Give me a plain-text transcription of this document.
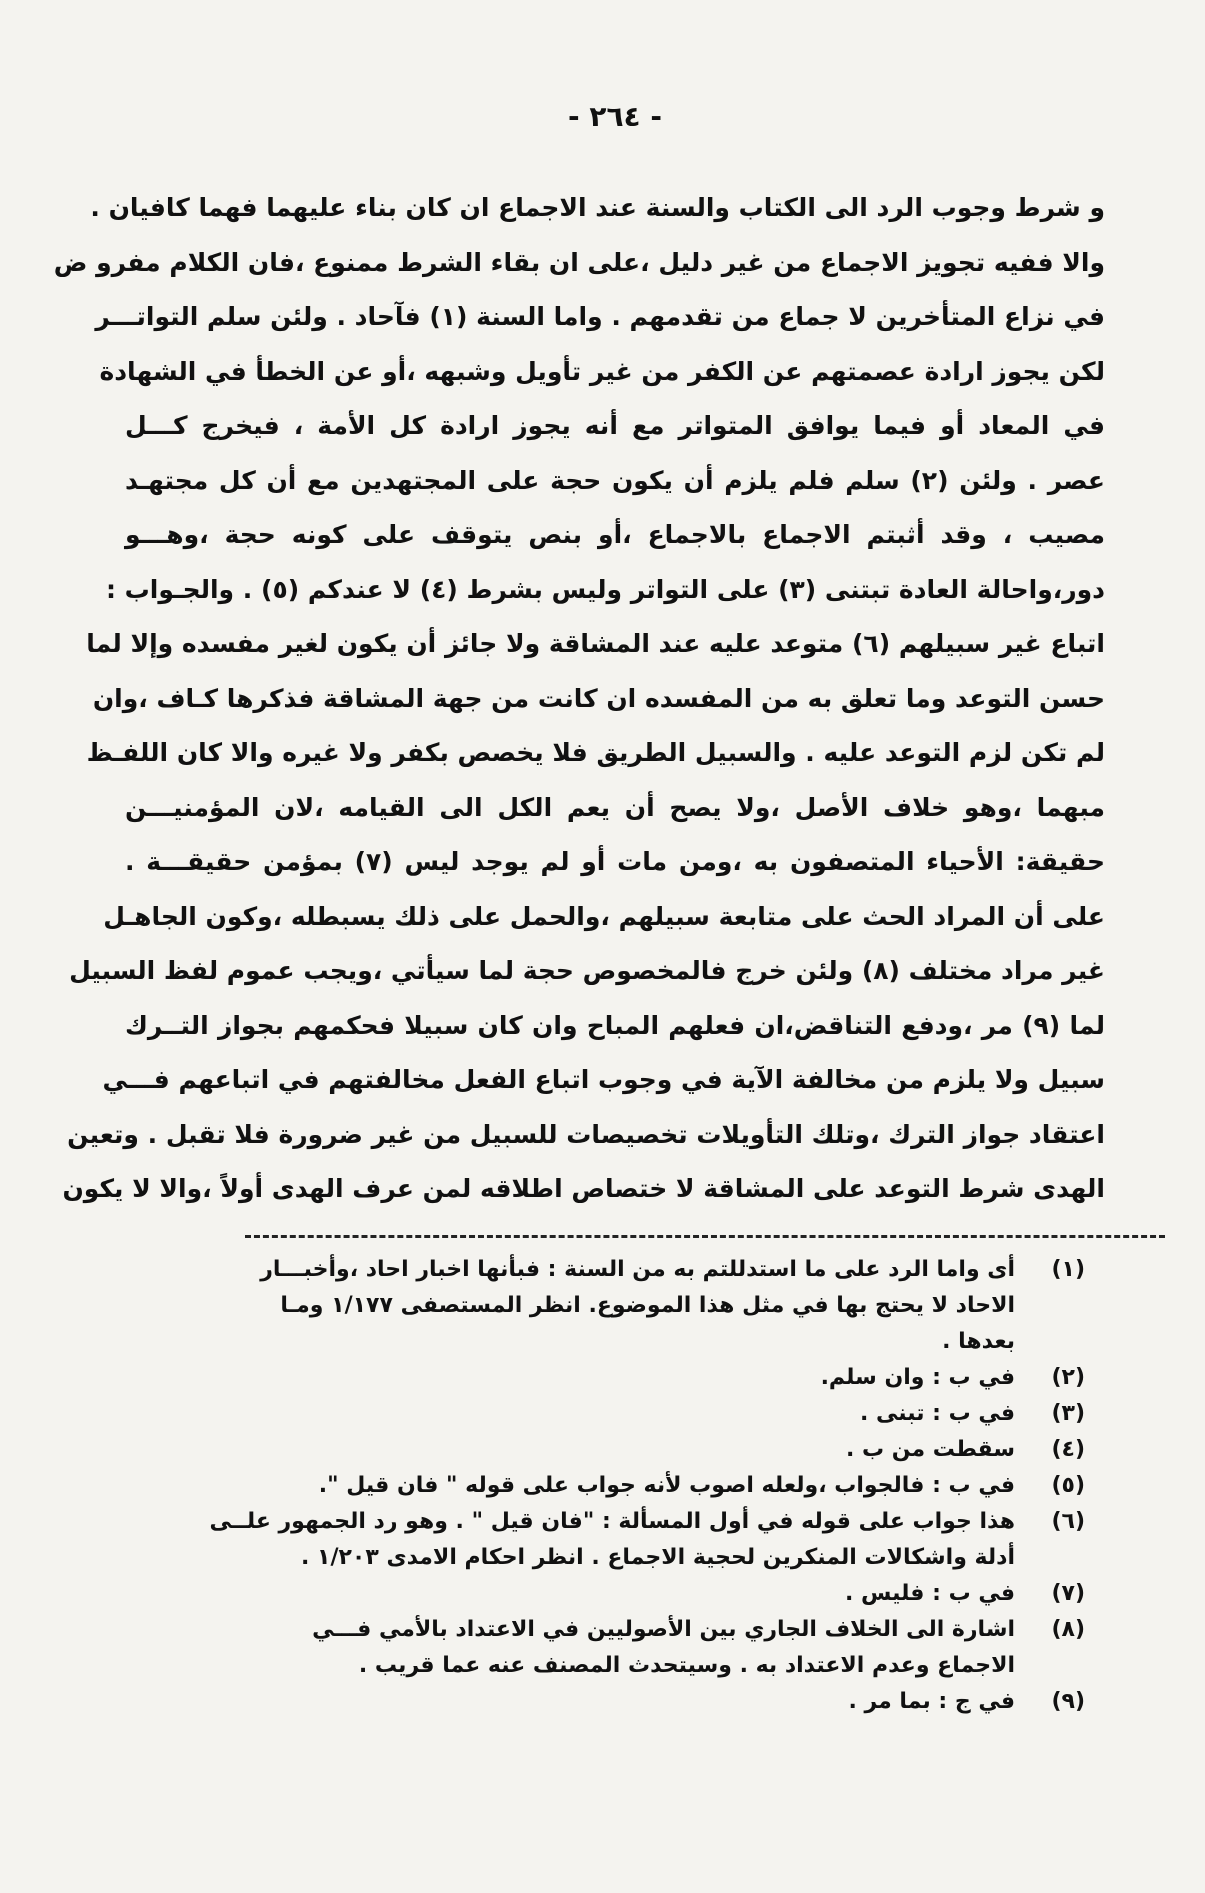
- ٢٦٤ -
و شرط وجوب الرد الى الكتاب والسنة عند الاجماع ان كان بناء عليهما فهما كافيان .
والا ففيه تجويز الاجماع من غير دليل ،على ان بقاء الشرط ممنوع ،فان الكلام مفرو ض
في نزاع المتأخرين لا جماع من تقدمهم . واما السنة (١) فآحاد . ولئن سلم التواتـــر
لكن يجوز ارادة عصمتهم عن الكفر من غير تأويل وشبهه ،أو عن الخطأ في الشهادة
في المعاد أو فيما يوافق المتواتر مع أنه يجوز ارادة كل الأمة ، فيخرج كـــل
عصر . ولئن (٢) سلم فلم يلزم أن يكون حجة على المجتهدين مع أن كل مجتهـد
مصيب ، وقد أثبتم الاجماع بالاجماع ،أو بنص يتوقف على كونه حجة ،وهـــو
دور،واحالة العادة تبتنى (٣) على التواتر وليس بشرط (٤) لا عندكم (٥) . والجـواب :
اتباع غير سبيلهم (٦) متوعد عليه عند المشاقة ولا جائز أن يكون لغير مفسده وإلا لما
حسن التوعد وما تعلق به من المفسده ان كانت من جهة المشاقة فذكرها كـاف ،وان
لم تكن لزم التوعد عليه . والسبيل الطريق فلا يخصص بكفر ولا غيره والا كان اللفـظ
مبهما ،وهو خلاف الأصل ،ولا يصح أن يعم الكل الى القيامه ،لان المؤمنيـــن
حقيقة: الأحياء المتصفون به ،ومن مات أو لم يوجد ليس (٧) بمؤمن حقيقـــة .
على أن المراد الحث على متابعة سبيلهم ،والحمل على ذلك يسبطله ،وكون الجاهـل
غير مراد مختلف (٨) ولئن خرج فالمخصوص حجة لما سيأتي ،ويجب عموم لفظ السبيل
لما (٩) مر ،ودفع التناقض،ان فعلهم المباح وان كان سبيلا فحكمهم بجواز التــرك
سبيل ولا يلزم من مخالفة الآية في وجوب اتباع الفعل مخالفتهم في اتباعهم فـــي
اعتقاد جواز الترك ،وتلك التأويلات تخصيصات للسبيل من غير ضرورة فلا تقبل . وتعين
الهدى شرط التوعد على المشاقة لا ختصاص اطلاقه لمن عرف الهدى أولاً ،والا لا يكون
(١)
أى واما الرد على ما استدللتم به من السنة : فبأنها اخبار احاد ،وأخبـــار
الاحاد لا يحتج بها في مثل هذا الموضوع. انظر المستصفى ١/١٧٧ ومـا
بعدها .
(٢)
في ب : وان سلم.
(٣)
في ب : تبنى .
(٤)
سقطت من ب .
(٥)
في ب : فالجواب ،ولعله اصوب لأنه جواب على قوله " فان قيل ".
(٦)
هذا جواب على قوله في أول المسألة : "فان قيل " . وهو رد الجمهور علــى
أدلة واشكالات المنكرين لحجية الاجماع . انظر احكام الامدى ١/٢٠٣ .
(٧)
في ب : فليس .
(٨)
اشارة الى الخلاف الجاري بين الأصوليين في الاعتداد بالأمي فـــي
الاجماع وعدم الاعتداد به . وسيتحدث المصنف عنه عما قريب .
(٩)
في ج : بما مر .
